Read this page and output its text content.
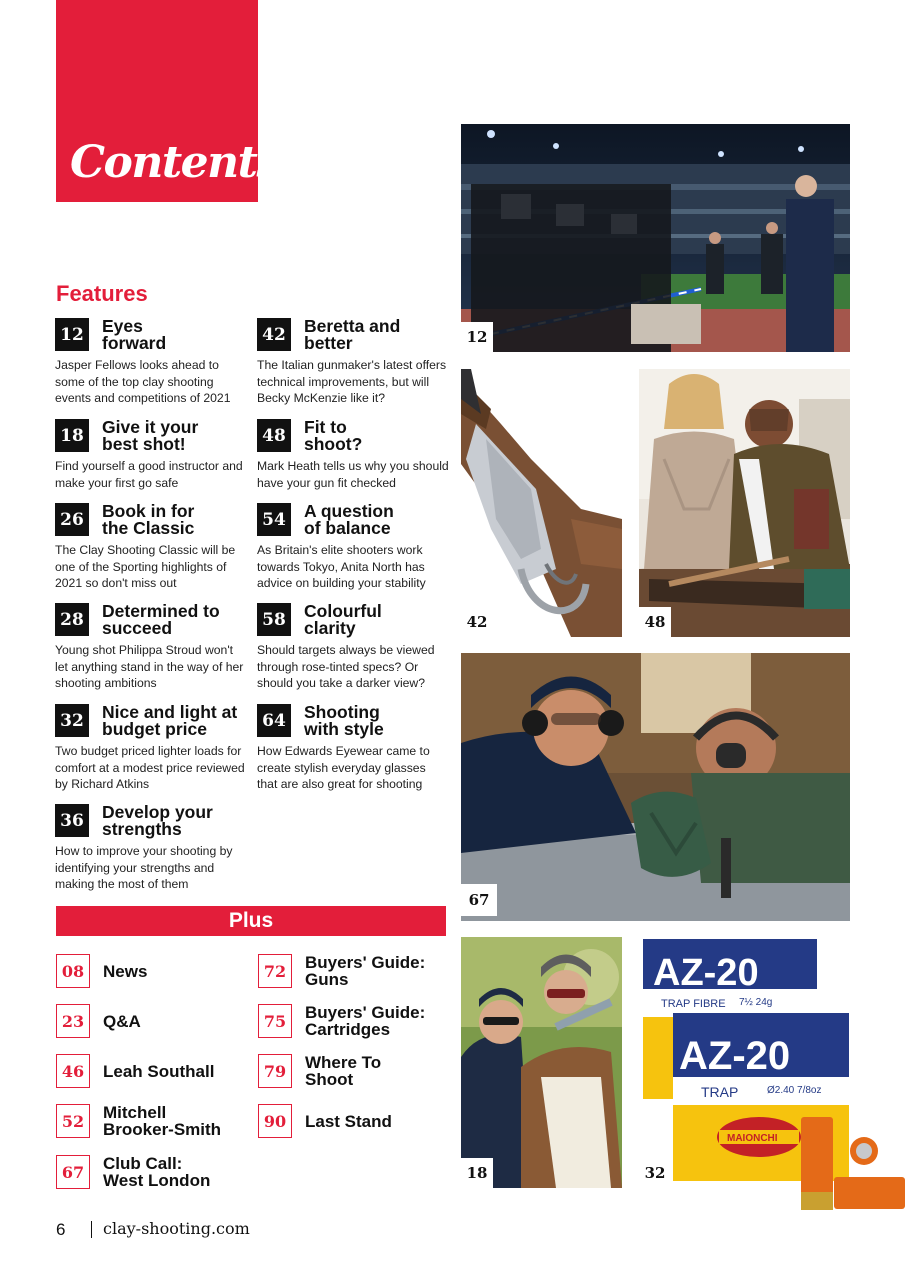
Contents
Features
12 Eyes forward
Jasper Fellows looks ahead to some of the top clay shooting events and competitions of 2021
18 Give it your best shot!
Find yourself a good instructor and make your first go safe
26 Book in for the Classic
The Clay Shooting Classic will be one of the Sporting highlights of 2021 so don't miss out
28 Determined to succeed
Young shot Philippa Stroud won't let anything stand in the way of her shooting ambitions
32 Nice and light at budget price
Two budget priced lighter loads for comfort at a modest price reviewed by Richard Atkins
36 Develop your strengths
How to improve your shooting by identifying your strengths and making the most of them
42 Beretta and better
The Italian gunmaker's latest offers technical improvements, but will Becky McKenzie like it?
48 Fit to shoot?
Mark Heath tells us why you should have your gun fit checked
54 A question of balance
As Britain's elite shooters work towards Tokyo, Anita North has advice on building your stability
58 Colourful clarity
Should targets always be viewed through rose-tinted specs? Or should you take a darker view?
64 Shooting with style
How Edwards Eyewear came to create stylish everyday glasses that are also great for shooting
Plus
08	News
23	Q&A
46	Leah Southall
52	Mitchell Brooker-Smith
67	Club Call: West London
72	Buyers' Guide: Guns
75	Buyers' Guide: Cartridges
79	Where To Shoot
90	Last Stand
6 clay-shooting.com
12
42	48
67
18
AZ-20
TRAP FIBRE 7½ 24g
AZ-20
TRAP	Ø2.40 7/8oz
MAIONCHI
32
